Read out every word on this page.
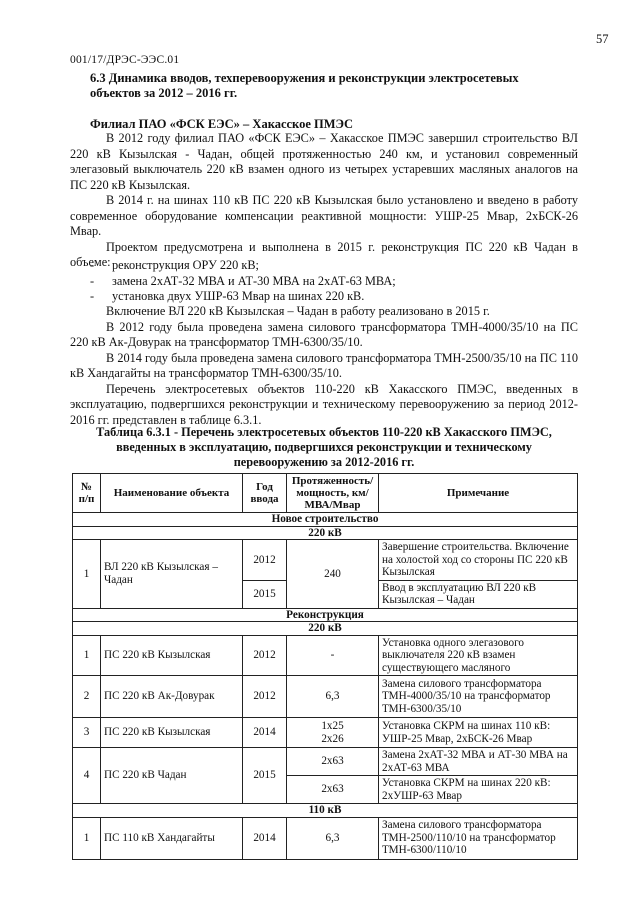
57
001/17/ДРЭС-ЭЭС.01
6.3 Динамика вводов, техперевооружения и реконструкции электросетевых объектов за 2012 – 2016 гг.
Филиал ПАО «ФСК ЕЭС» – Хакасское ПМЭС

В 2012 году филиал ПАО «ФСК ЕЭС» – Хакасское ПМЭС завершил строительство ВЛ 220 кВ Кызылская - Чадан, общей протяженностью 240 км, и установил современный элегазовый выключатель 220 кВ взамен одного из четырех устаревших масляных аналогов на ПС 220 кВ Кызылская.

В 2014 г. на шинах 110 кВ ПС 220 кВ Кызылская было установлено и введено в работу современное оборудование компенсации реактивной мощности: УШР-25 Мвар, 2хБСК-26 Мвар.

Проектом предусмотрена и выполнена в 2015 г. реконструкция ПС 220 кВ Чадан в объеме: - реконструкция ОРУ 220 кВ;
- замена 2хАТ-32 МВА и АТ-30 МВА на 2хАТ-63 МВА;
- установка двух УШР-63 Мвар на шинах 220 кВ.

Включение ВЛ 220 кВ Кызылская – Чадан в работу реализовано в 2015 г.

В 2012 году была проведена замена силового трансформатора ТМН-4000/35/10 на ПС 220 кВ Ак-Довурак на трансформатор ТМН-6300/35/10.

В 2014 году была проведена замена силового трансформатора ТМН-2500/35/10 на ПС 110 кВ Хандагайты на трансформатор ТМН-6300/35/10.

Перечень электросетевых объектов 110-220 кВ Хакасского ПМЭС, введенных в эксплуатацию, подвергшихся реконструкции и техническому перевооружению за период 2012-2016 гг. представлен в таблице 6.3.1.

Таблица 6.3.1 - Перечень электросетевых объектов 110-220 кВ Хакасского ПМЭС, введенных в эксплуатацию, подвергшихся реконструкции и техническому перевооружению за 2012-2016 гг.
№ п/п	Наименование объекта	Год ввода	Протяженность/ мощность, км/МВА/Мвар	Примечание
Новое строительство				
220 кВ				
1	ВЛ 220 кВ Кызылская – Чадан	2012	240	Завершение строительства. Включение на холостой ход со стороны ПС 220 кВ Кызылская
		2015		Ввод в эксплуатацию ВЛ 220 кВ Кызылская – Чадан
Реконструкция				
220 кВ				
1	ПС 220 кВ Кызылская	2012	-	Установка одного элегазового выключателя 220 кВ взамен существующего масляного
2	ПС 220 кВ Ак-Довурак	2012	6,3	Замена силового трансформатора ТМН-4000/35/10 на трансформатор ТМН-6300/35/10
3	ПС 220 кВ Кызылская	2014	1х25
2х26	Установка СКРМ на шинах 110 кВ: УШР-25 Мвар, 2хБСК-26 Мвар
4	ПС 220 кВ Чадан	2015	2х63	Замена 2хАТ-32 МВА и АТ-30 МВА на 2хАТ-63 МВА
			2х63	Установка СКРМ на шинах 220 кВ: 2хУШР-63 Мвар
110 кВ				
1	ПС 110 кВ Хандагайты	2014	6,3	Замена силового трансформатора ТМН-2500/110/10 на трансформатор ТМН-6300/110/10
